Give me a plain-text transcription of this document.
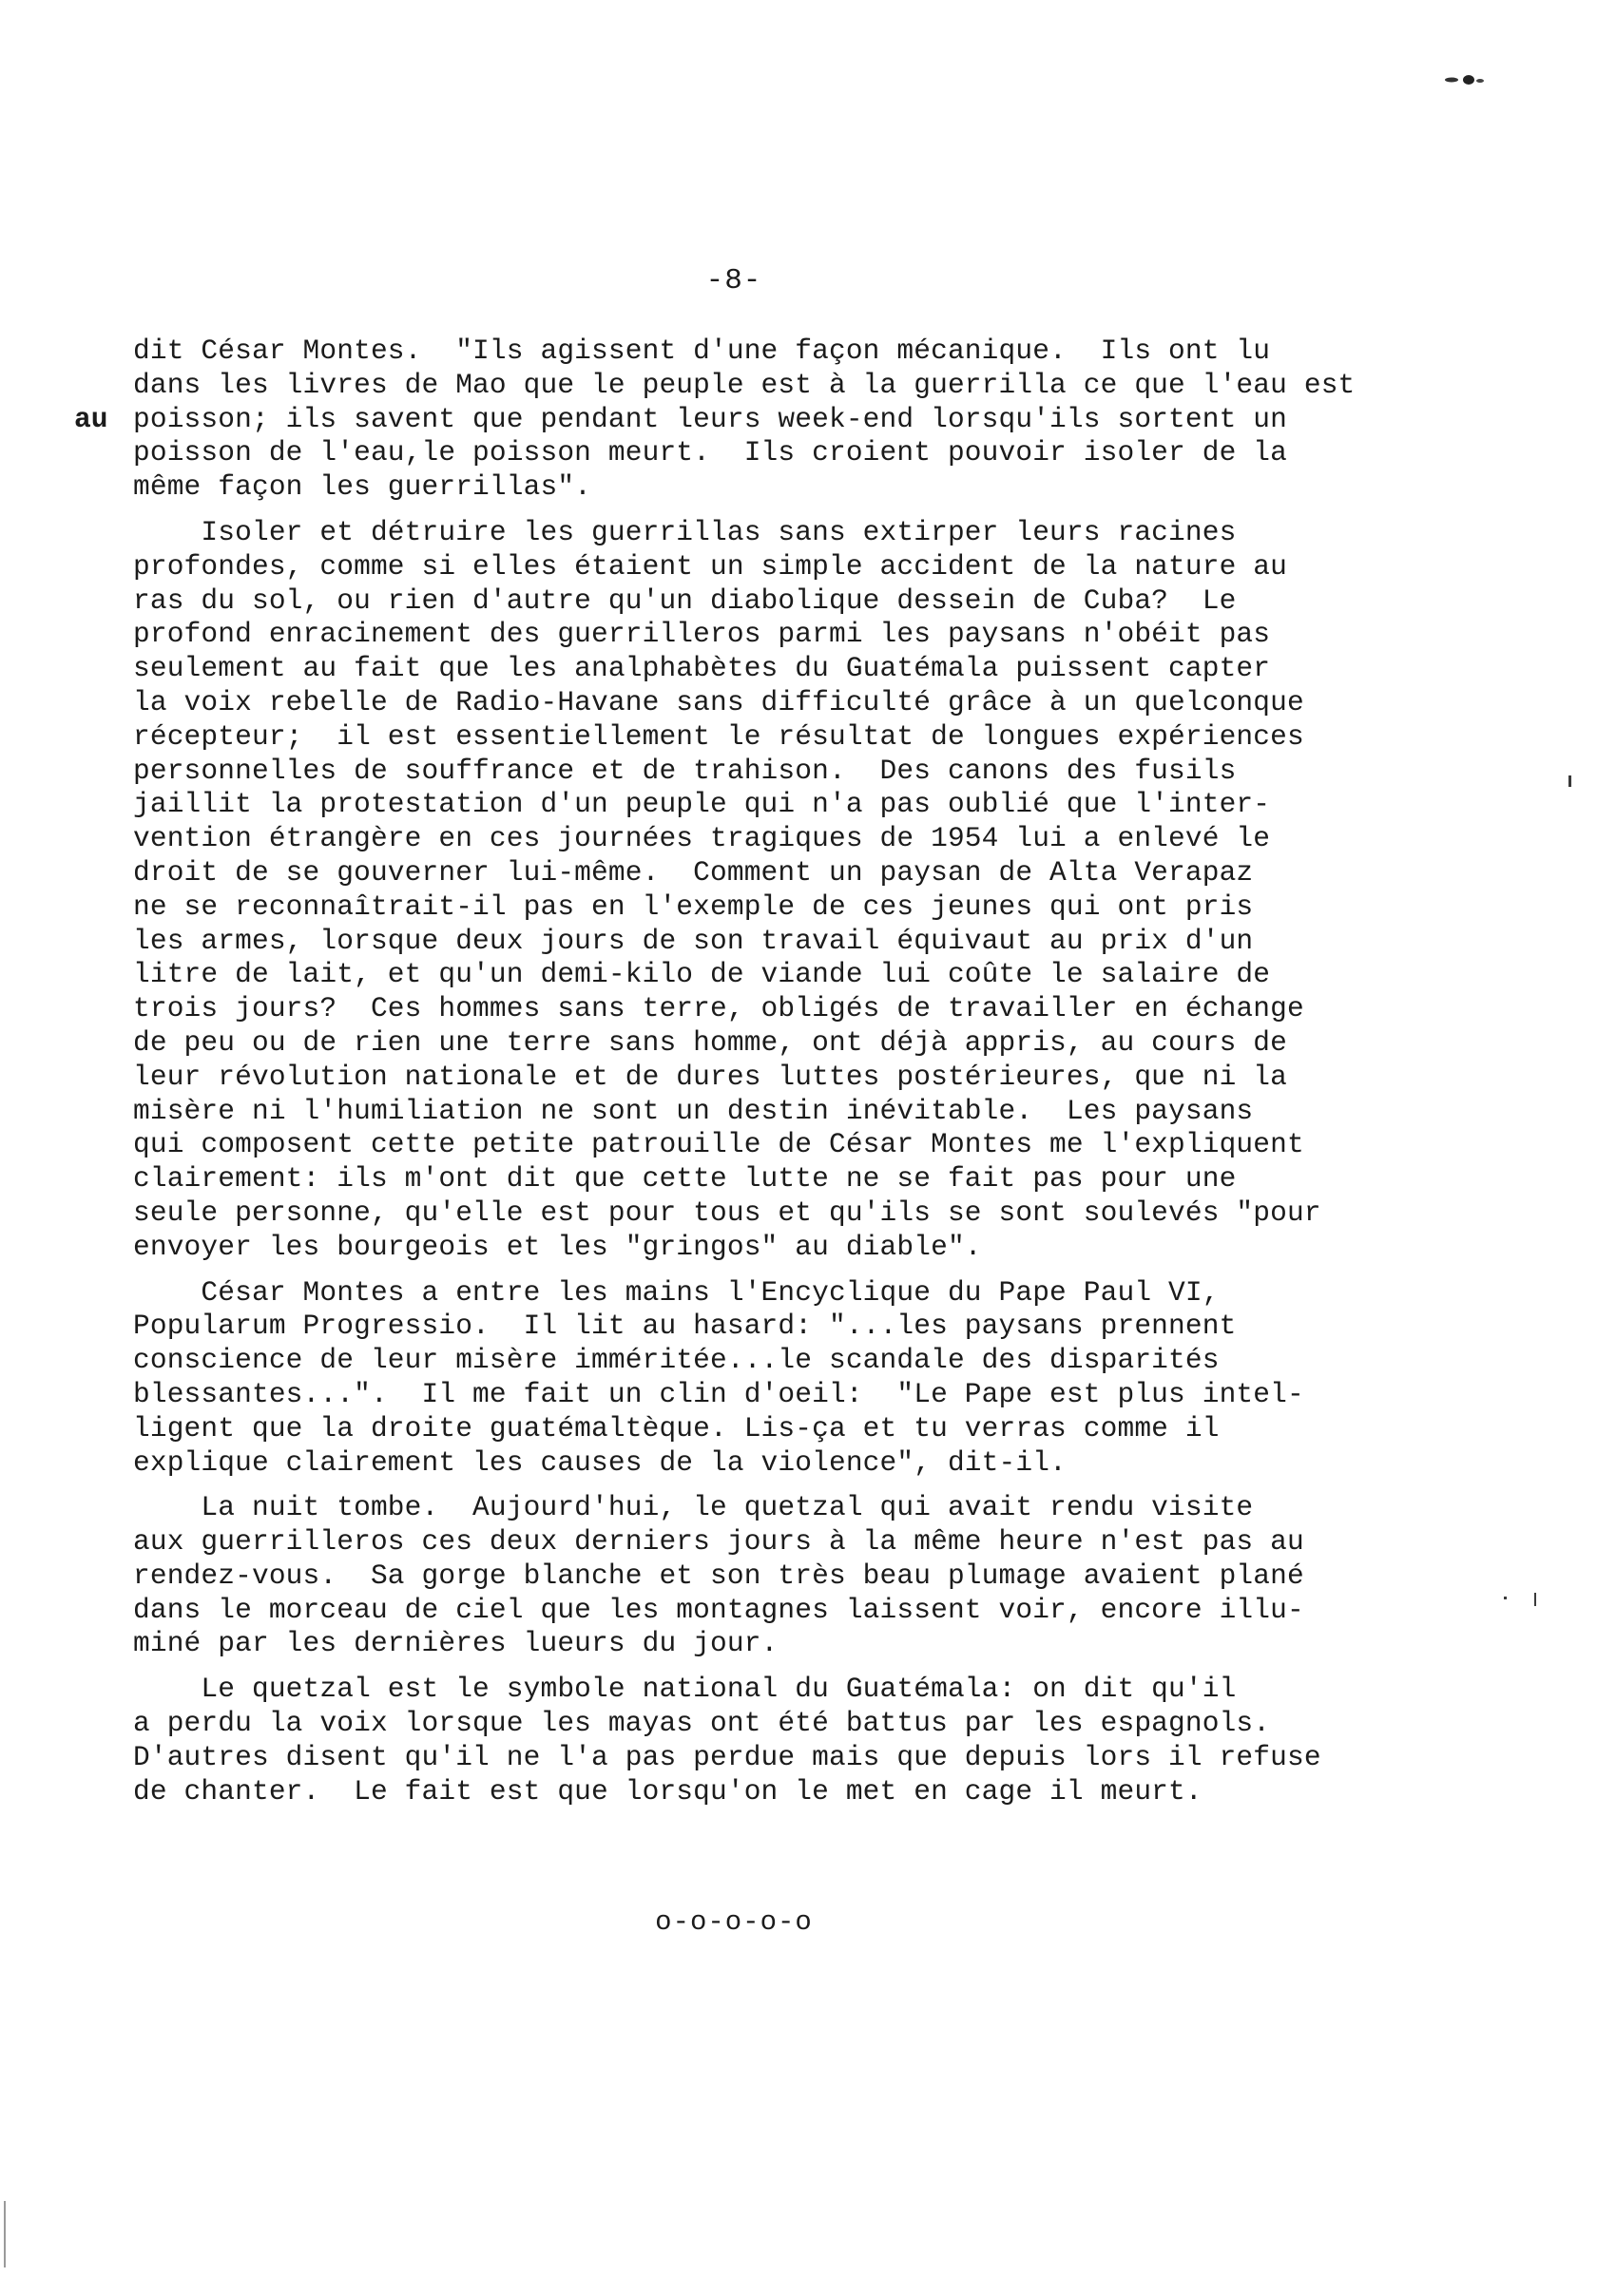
-8-
au
dit César Montes.  "Ils agissent d'une façon mécanique.  Ils ont lu
dans les livres de Mao que le peuple est à la guerrilla ce que l'eau est
poisson; ils savent que pendant leurs week-end lorsqu'ils sortent un
poisson de l'eau,le poisson meurt.  Ils croient pouvoir isoler de la
même façon les guerrillas".
Isoler et détruire les guerrillas sans extirper leurs racines
profondes, comme si elles étaient un simple accident de la nature au
ras du sol, ou rien d'autre qu'un diabolique dessein de Cuba?  Le
profond enracinement des guerrilleros parmi les paysans n'obéit pas
seulement au fait que les analphabètes du Guatémala puissent capter
la voix rebelle de Radio-Havane sans difficulté grâce à un quelconque
récepteur;  il est essentiellement le résultat de longues expériences
personnelles de souffrance et de trahison.  Des canons des fusils
jaillit la protestation d'un peuple qui n'a pas oublié que l'inter-
vention étrangère en ces journées tragiques de 1954 lui a enlevé le
droit de se gouverner lui-même.  Comment un paysan de Alta Verapaz
ne se reconnaîtrait-il pas en l'exemple de ces jeunes qui ont pris
les armes, lorsque deux jours de son travail équivaut au prix d'un
litre de lait, et qu'un demi-kilo de viande lui coûte le salaire de
trois jours?  Ces hommes sans terre, obligés de travailler en échange
de peu ou de rien une terre sans homme, ont déjà appris, au cours de
leur révolution nationale et de dures luttes postérieures, que ni la
misère ni l'humiliation ne sont un destin inévitable.  Les paysans
qui composent cette petite patrouille de César Montes me l'expliquent
clairement: ils m'ont dit que cette lutte ne se fait pas pour une
seule personne, qu'elle est pour tous et qu'ils se sont soulevés "pour
envoyer les bourgeois et les "gringos" au diable".
César Montes a entre les mains l'Encyclique du Pape Paul VI,
Popularum Progressio.  Il lit au hasard: "...les paysans prennent
conscience de leur misère imméritée...le scandale des disparités
blessantes...".  Il me fait un clin d'oeil:  "Le Pape est plus intel-
ligent que la droite guatémaltèque. Lis-ça et tu verras comme il
explique clairement les causes de la violence", dit-il.
La nuit tombe.  Aujourd'hui, le quetzal qui avait rendu visite
aux guerrilleros ces deux derniers jours à la même heure n'est pas au
rendez-vous.  Sa gorge blanche et son très beau plumage avaient plané
dans le morceau de ciel que les montagnes laissent voir, encore illu-
miné par les dernières lueurs du jour.
Le quetzal est le symbole national du Guatémala: on dit qu'il
a perdu la voix lorsque les mayas ont été battus par les espagnols.
D'autres disent qu'il ne l'a pas perdue mais que depuis lors il refuse
de chanter.  Le fait est que lorsqu'on le met en cage il meurt.
o-o-o-o-o
